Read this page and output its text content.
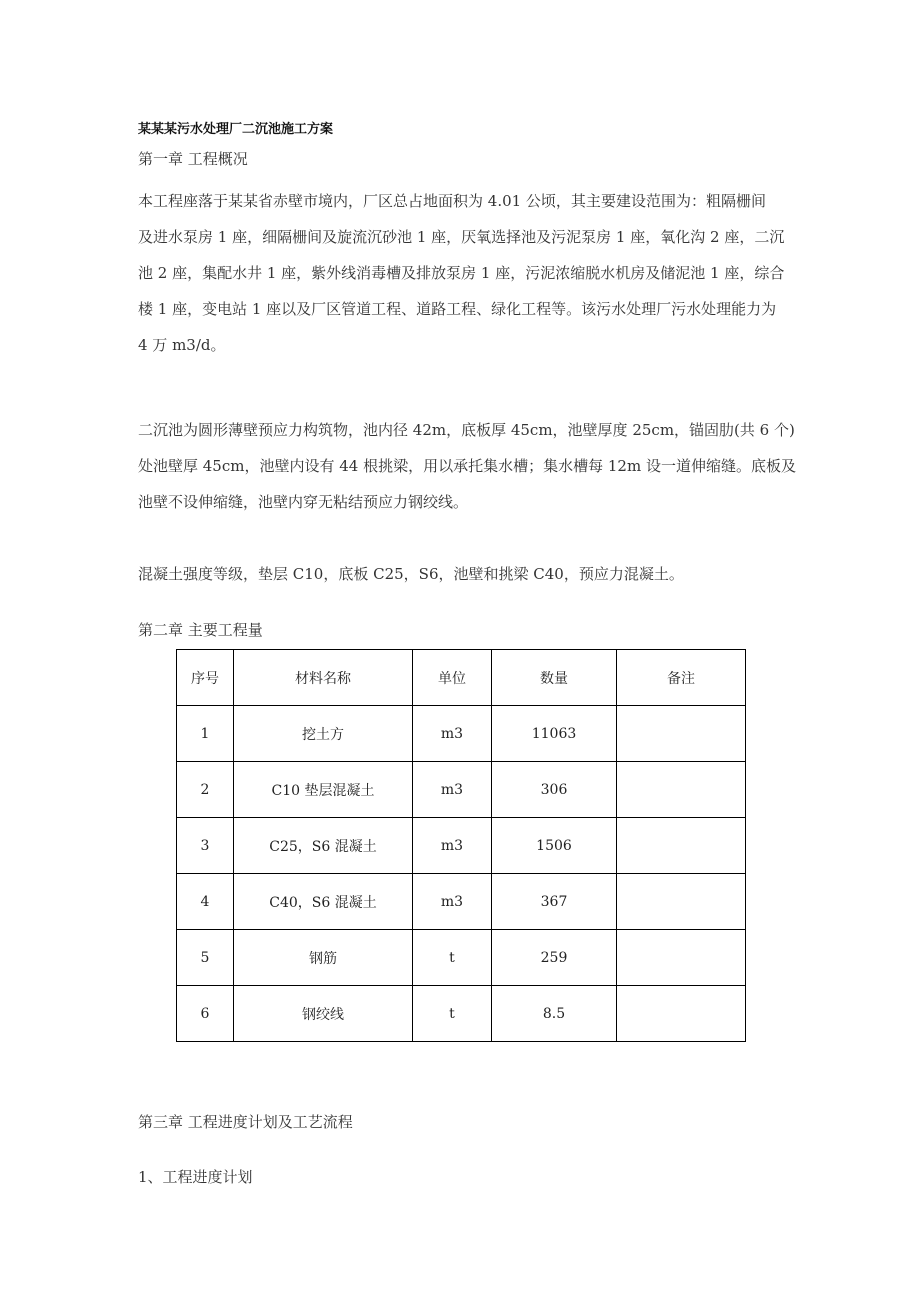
某某某污水处理厂二沉池施工方案
第一章 工程概况
本工程座落于某某省赤壁市境内，厂区总占地面积为 4.01 公顷，其主要建设范围为：粗隔栅间
及进水泵房 1 座，细隔栅间及旋流沉砂池 1 座，厌氧选择池及污泥泵房 1 座，氧化沟 2 座，二沉
池 2 座，集配水井 1 座，紫外线消毒槽及排放泵房 1 座，污泥浓缩脱水机房及储泥池 1 座，综合
楼 1 座，变电站 1 座以及厂区管道工程、道路工程、绿化工程等。该污水处理厂污水处理能力为
4 万 m3/d。
二沉池为圆形薄壁预应力构筑物，池内径 42m，底板厚 45cm，池壁厚度 25cm，锚固肋(共 6 个)
处池壁厚 45cm，池壁内设有 44 根挑梁，用以承托集水槽；集水槽每 12m 设一道伸缩缝。底板及
池壁不设伸缩缝，池壁内穿无粘结预应力钢绞线。
混凝土强度等级，垫层 C10，底板 C25，S6，池壁和挑梁 C40，预应力混凝土。
第二章 主要工程量
序号	材料名称	单位	数量	备注
1	挖土方	m3	11063	
2	C10 垫层混凝土	m3	306	
3	C25，S6 混凝土	m3	1506	
4	C40，S6 混凝土	m3	367	
5	钢筋	t	259	
6	钢绞线	t	8.5	
第三章 工程进度计划及工艺流程
1、工程进度计划
